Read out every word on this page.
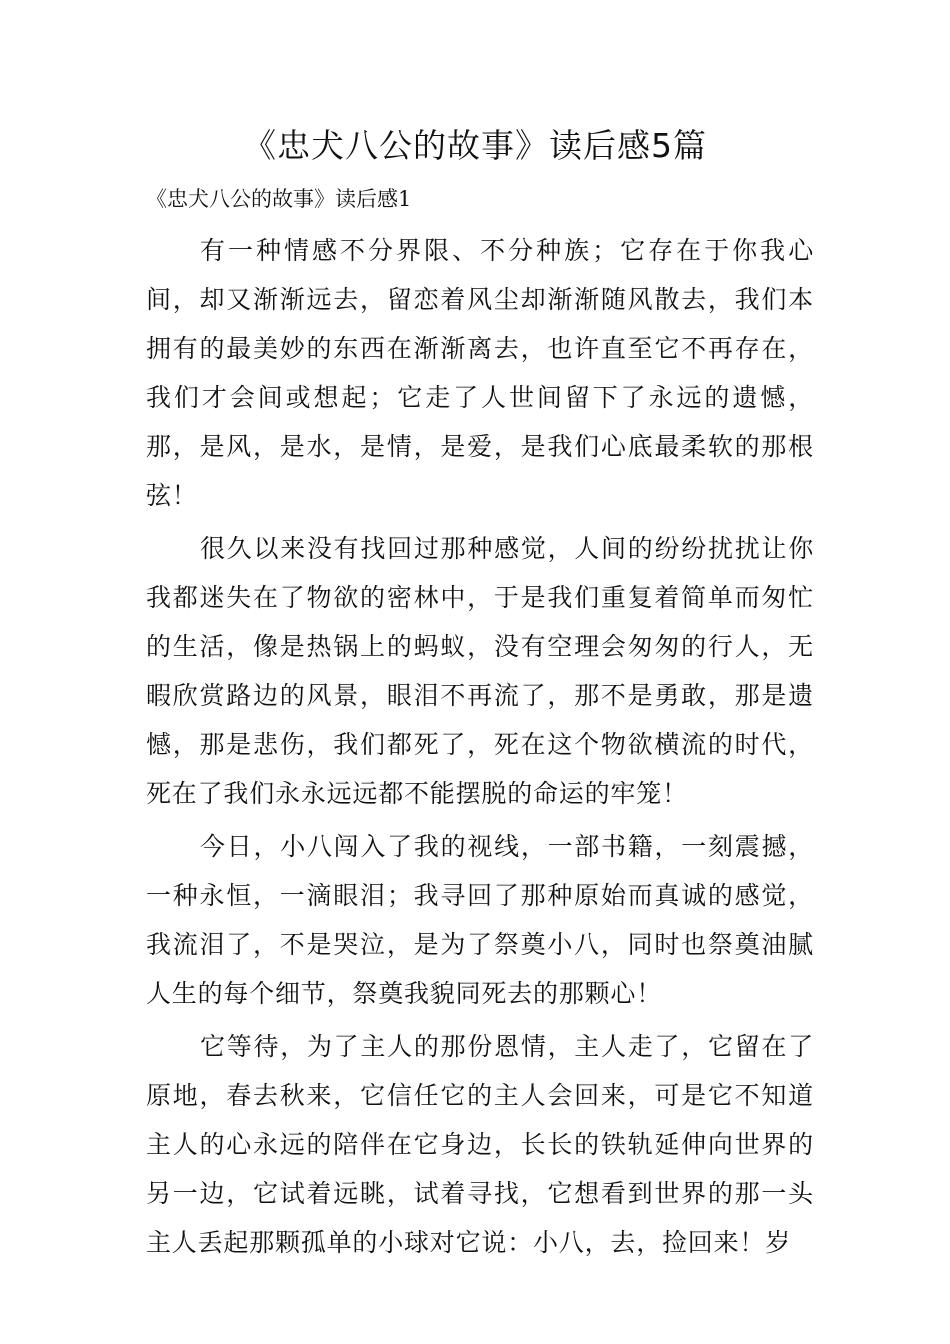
《忠犬八公的故事》读后感5篇
《忠犬八公的故事》读后感1

有一种情感不分界限、不分种族；它存在于你我心间，却又渐渐远去，留恋着风尘却渐渐随风散去，我们本拥有的最美妙的东西在渐渐离去，也许直至它不再存在，我们才会间或想起；它走了人世间留下了永远的遗憾，那，是风，是水，是情，是爱，是我们心底最柔软的那根弦！

很久以来没有找回过那种感觉，人间的纷纷扰扰让你我都迷失在了物欲的密林中，于是我们重复着简单而匆忙的生活，像是热锅上的蚂蚁，没有空理会匆匆的行人，无暇欣赏路边的风景，眼泪不再流了，那不是勇敢，那是遗憾，那是悲伤，我们都死了，死在这个物欲横流的时代，死在了我们永永远远都不能摆脱的命运的牢笼！

今日，小八闯入了我的视线，一部书籍，一刻震撼，一种永恒，一滴眼泪；我寻回了那种原始而真诚的感觉，我流泪了，不是哭泣，是为了祭奠小八，同时也祭奠油腻人生的每个细节，祭奠我貌同死去的那颗心！

它等待，为了主人的那份恩情，主人走了，它留在了原地，春去秋来，它信任它的主人会回来，可是它不知道主人的心永远的陪伴在它身边，长长的铁轨延伸向世界的另一边，它试着远眺，试着寻找，它想看到世界的那一头主人丢起那颗孤单的小球对它说：小八，去，捡回来！岁
